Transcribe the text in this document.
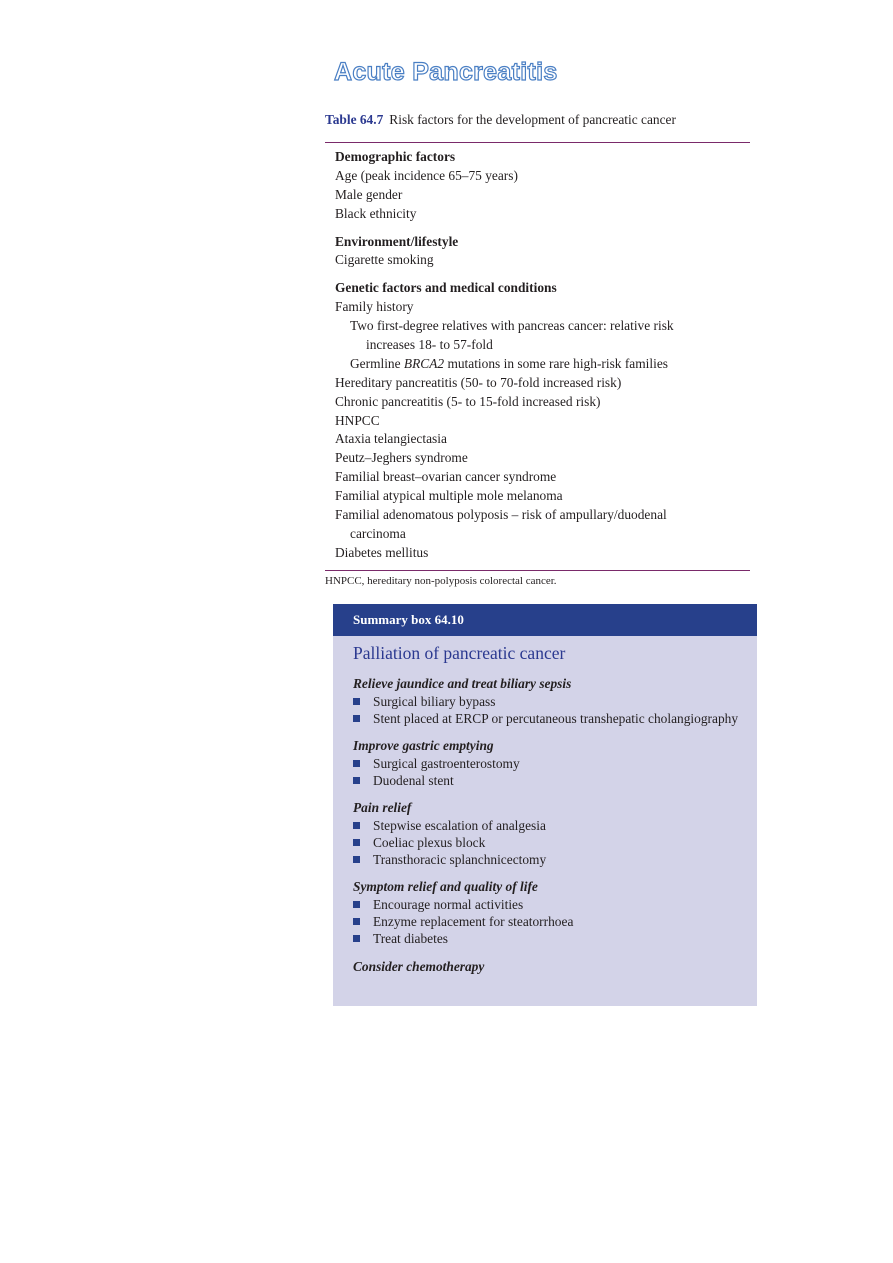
Acute Pancreatitis
Table 64.7 Risk factors for the development of pancreatic cancer
Demographic factors
Age (peak incidence 65–75 years)
Male gender
Black ethnicity
Environment/lifestyle
Cigarette smoking
Genetic factors and medical conditions
Family history
Two first-degree relatives with pancreas cancer: relative risk
increases 18- to 57-fold
Germline BRCA2 mutations in some rare high-risk families
Hereditary pancreatitis (50- to 70-fold increased risk)
Chronic pancreatitis (5- to 15-fold increased risk)
HNPCC
Ataxia telangiectasia
Peutz–Jeghers syndrome
Familial breast–ovarian cancer syndrome
Familial atypical multiple mole melanoma
Familial adenomatous polyposis – risk of ampullary/duodenal
carcinoma
Diabetes mellitus
HNPCC, hereditary non-polyposis colorectal cancer.
Summary box 64.10
Palliation of pancreatic cancer
Relieve jaundice and treat biliary sepsis
Surgical biliary bypass
Stent placed at ERCP or percutaneous transhepatic cholangiography
Improve gastric emptying
Surgical gastroenterostomy
Duodenal stent
Pain relief
Stepwise escalation of analgesia
Coeliac plexus block
Transthoracic splanchnicectomy
Symptom relief and quality of life
Encourage normal activities
Enzyme replacement for steatorrhoea
Treat diabetes
Consider chemotherapy
